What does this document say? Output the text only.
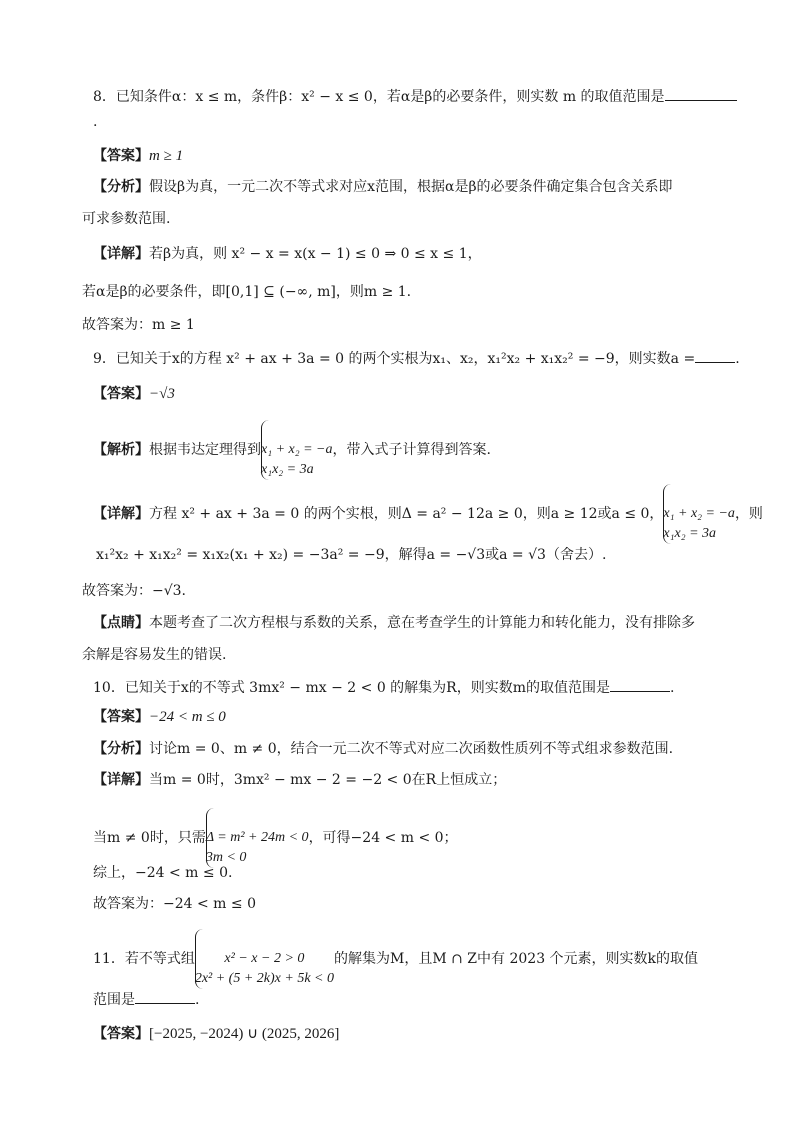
8．已知条件α：x ≤ m，条件β：x² − x ≤ 0，若α是β的必要条件，则实数 m 的取值范围是
.
【答案】m ≥ 1
【分析】假设β为真，一元二次不等式求对应x范围，根据α是β的必要条件确定集合包含关系即
可求参数范围.
【详解】若β为真，则 x² − x = x(x − 1) ≤ 0 ⇒ 0 ≤ x ≤ 1，
若α是β的必要条件，即[0,1] ⊆ (−∞, m]，则m ≥ 1.
故答案为：m ≥ 1
9．已知关于x的方程 x² + ax + 3a = 0 的两个实根为x₁、x₂，x₁²x₂ + x₁x₂² = −9，则实数a =	.
【答案】−√3
【解析】根据韦达定理得到 x₁ + x₂ = −a
x₁x₂ = 3a
，带入式子计算得到答案.
【详解】方程 x² + ax + 3a = 0 的两个实根，则Δ = a² − 12a ≥ 0，则a ≥ 12或a ≤ 0， x₁ + x₂ = −a
x₁x₂ = 3a
，则
x₁²x₂ + x₁x₂² = x₁x₂(x₁ + x₂) = −3a² = −9，解得a = −√3或a = √3（舍去）.
故答案为：−√3.
【点睛】本题考查了二次方程根与系数的关系，意在考查学生的计算能力和转化能力，没有排除多
余解是容易发生的错误.
10．已知关于x的不等式 3mx² − mx − 2 < 0 的解集为R，则实数m的取值范围是	.
【答案】−24 < m ≤ 0
【分析】讨论m = 0、m ≠ 0，结合一元二次不等式对应二次函数性质列不等式组求参数范围.
【详解】当m = 0时，3mx² − mx − 2 = −2 < 0在R上恒成立；
当m ≠ 0时，只需 Δ = m² + 24m < 0
3m < 0
，可得−24 < m < 0；
综上，−24 < m ≤ 0.
故答案为：−24 < m ≤ 0
11．若不等式组	x² − x − 2 > 0
2x² + (5 + 2k)x + 5k < 0
的解集为M，且M ∩ Z中有 2023 个元素，则实数k的取值
范围是	.
【答案】[−2025, −2024) ∪ (2025, 2026]
